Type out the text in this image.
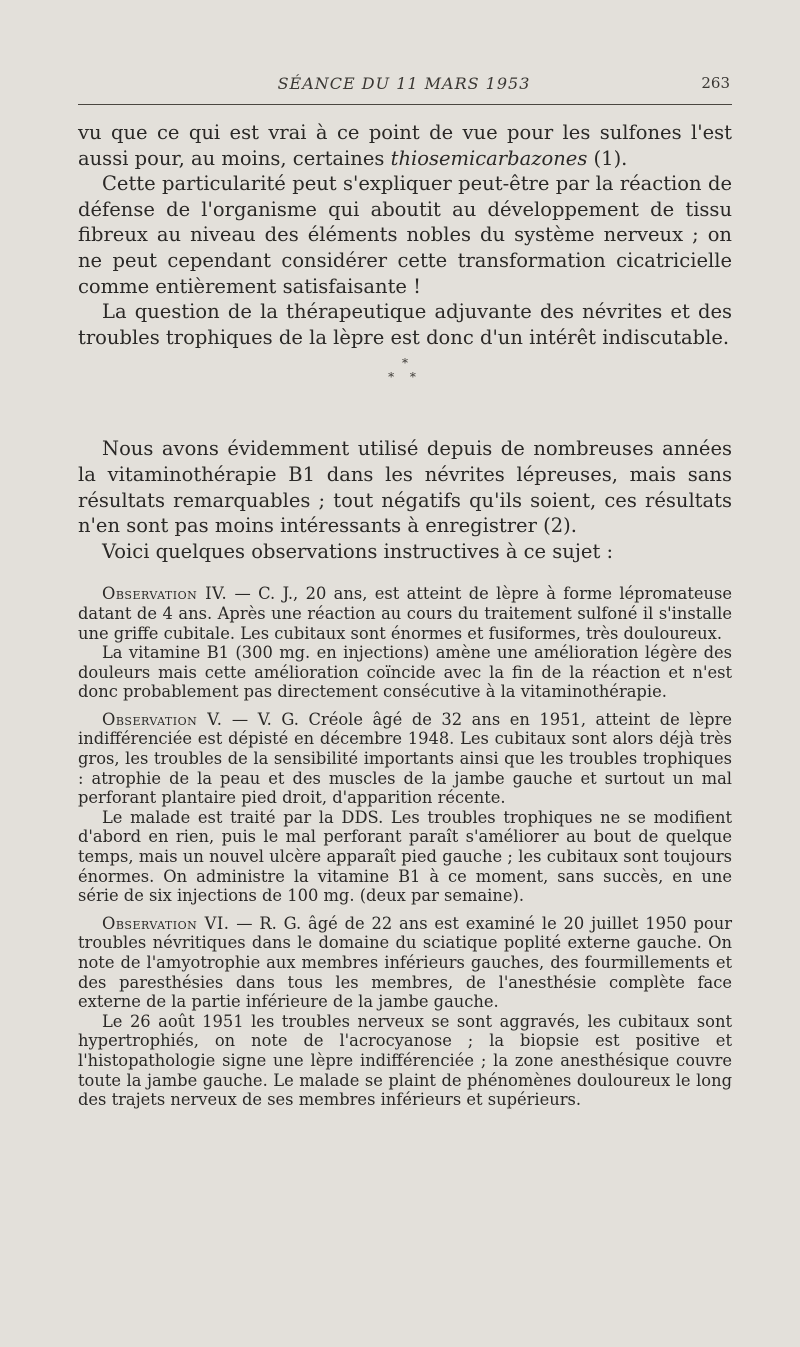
SÉANCE DU 11 MARS 1953	263

vu que ce qui est vrai à ce point de vue pour les sulfones l'est aussi pour, au moins, certaines thiosemicarbazones (1).

Cette particularité peut s'expliquer peut-être par la réaction de défense de l'organisme qui aboutit au développement de tissu fibreux au niveau des éléments nobles du système nerveux ; on ne peut cependant considérer cette transformation cicatricielle comme entièrement satisfaisante !

La question de la thérapeutique adjuvante des névrites et des troubles trophiques de la lèpre est donc d'un intérêt indiscutable.

*
* *

Nous avons évidemment utilisé depuis de nombreuses années la vitaminothérapie B1 dans les névrites lépreuses, mais sans résultats remarquables ; tout négatifs qu'ils soient, ces résultats n'en sont pas moins intéressants à enregistrer (2).

Voici quelques observations instructives à ce sujet :

Observation IV. — C. J., 20 ans, est atteint de lèpre à forme lépromateuse datant de 4 ans. Après une réaction au cours du traitement sulfoné il s'installe une griffe cubitale. Les cubitaux sont énormes et fusiformes, très douloureux.

La vitamine B1 (300 mg. en injections) amène une amélioration légère des douleurs mais cette amélioration coïncide avec la fin de la réaction et n'est donc probablement pas directement consécutive à la vitaminothérapie.

Observation V. — V. G. Créole âgé de 32 ans en 1951, atteint de lèpre indifférenciée est dépisté en décembre 1948. Les cubitaux sont alors déjà très gros, les troubles de la sensibilité importants ainsi que les troubles trophiques : atrophie de la peau et des muscles de la jambe gauche et surtout un mal perforant plantaire pied droit, d'apparition récente.

Le malade est traité par la DDS. Les troubles trophiques ne se modifient d'abord en rien, puis le mal perforant paraît s'améliorer au bout de quelque temps, mais un nouvel ulcère apparaît pied gauche ; les cubitaux sont toujours énormes. On administre la vitamine B1 à ce moment, sans succès, en une série de six injections de 100 mg. (deux par semaine).

Observation VI. — R. G. âgé de 22 ans est examiné le 20 juillet 1950 pour troubles névritiques dans le domaine du sciatique poplité externe gauche. On note de l'amyotrophie aux membres inférieurs gauches, des fourmillements et des paresthésies dans tous les membres, de l'anesthésie complète face externe de la partie inférieure de la jambe gauche.

Le 26 août 1951 les troubles nerveux se sont aggravés, les cubitaux sont hypertrophiés, on note de l'acrocyanose ; la biopsie est positive et l'histopathologie signe une lèpre indifférenciée ; la zone anesthésique couvre toute la jambe gauche. Le malade se plaint de phénomènes douloureux le long des trajets nerveux de ses membres inférieurs et supérieurs.
